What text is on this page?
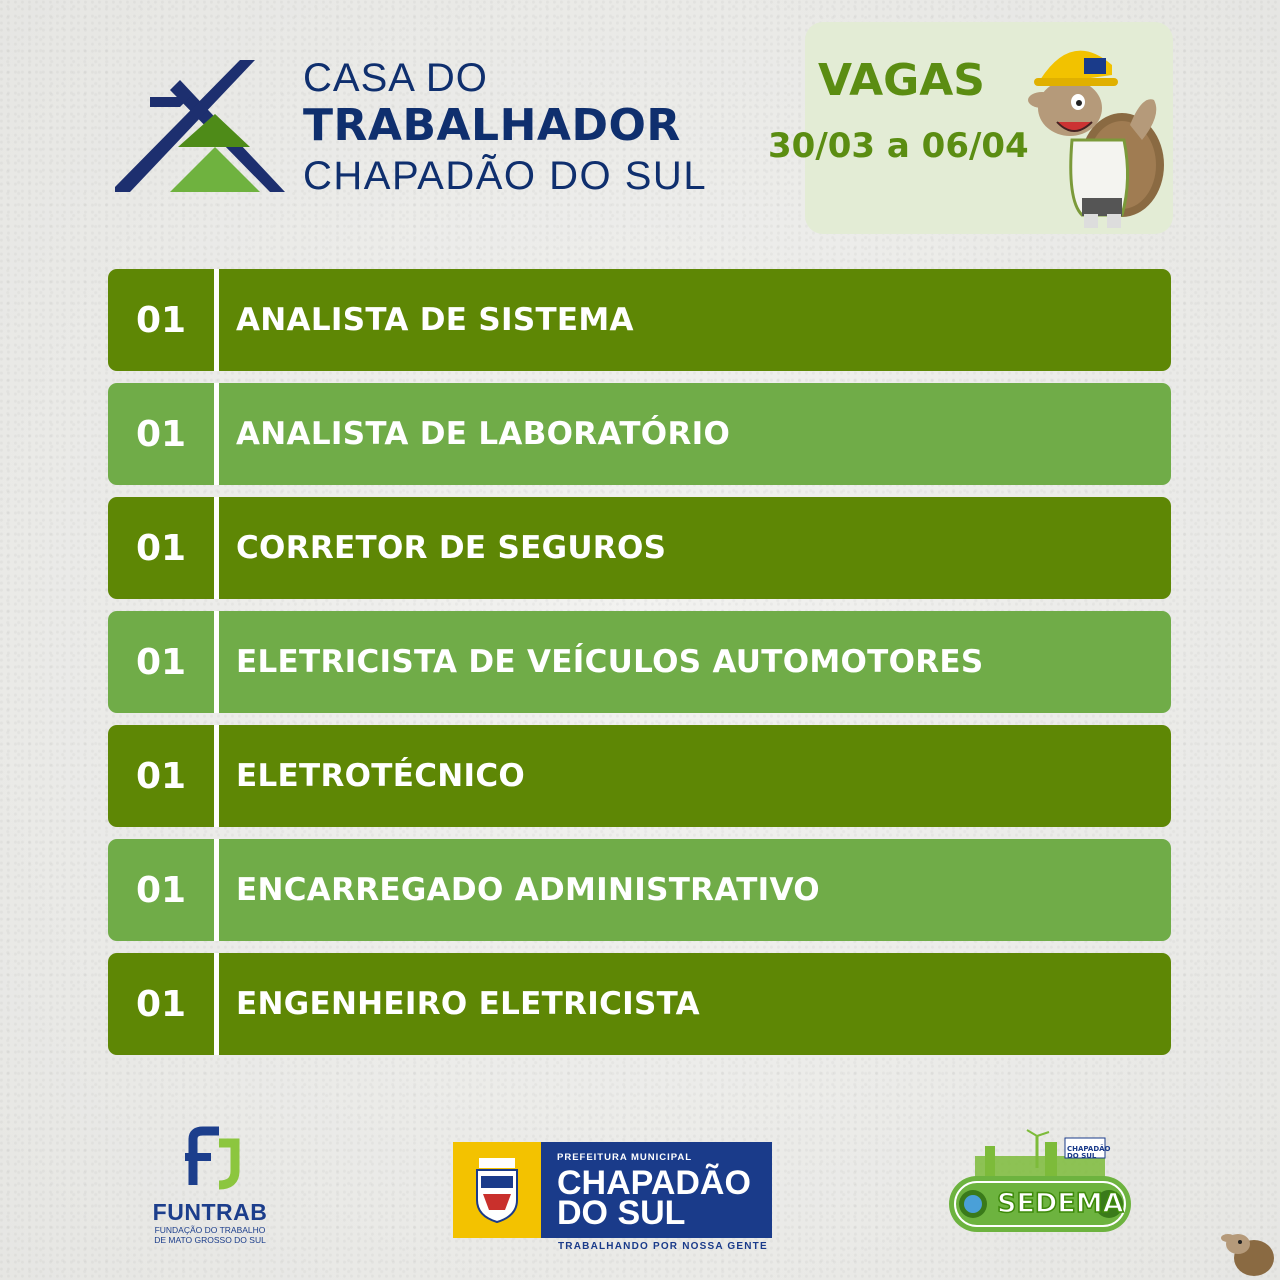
CASA DO
TRABALHADOR
CHAPADÃO DO SUL
VAGAS
30/03 a 06/04
01	ANALISTA DE SISTEMA
01	ANALISTA DE LABORATÓRIO
01	CORRETOR DE SEGUROS
01	ELETRICISTA DE VEÍCULOS AUTOMOTORES
01	ELETROTÉCNICO
01	ENCARREGADO ADMINISTRATIVO
01	ENGENHEIRO ELETRICISTA
FUNTRAB
FUNDAÇÃO DO TRABALHO
DE MATO GROSSO DO SUL
PREFEITURA MUNICIPAL
CHAPADÃO
DO SUL
TRABALHANDO POR NOSSA GENTE
CHAPADÃO
DO SUL
SEDEMA
